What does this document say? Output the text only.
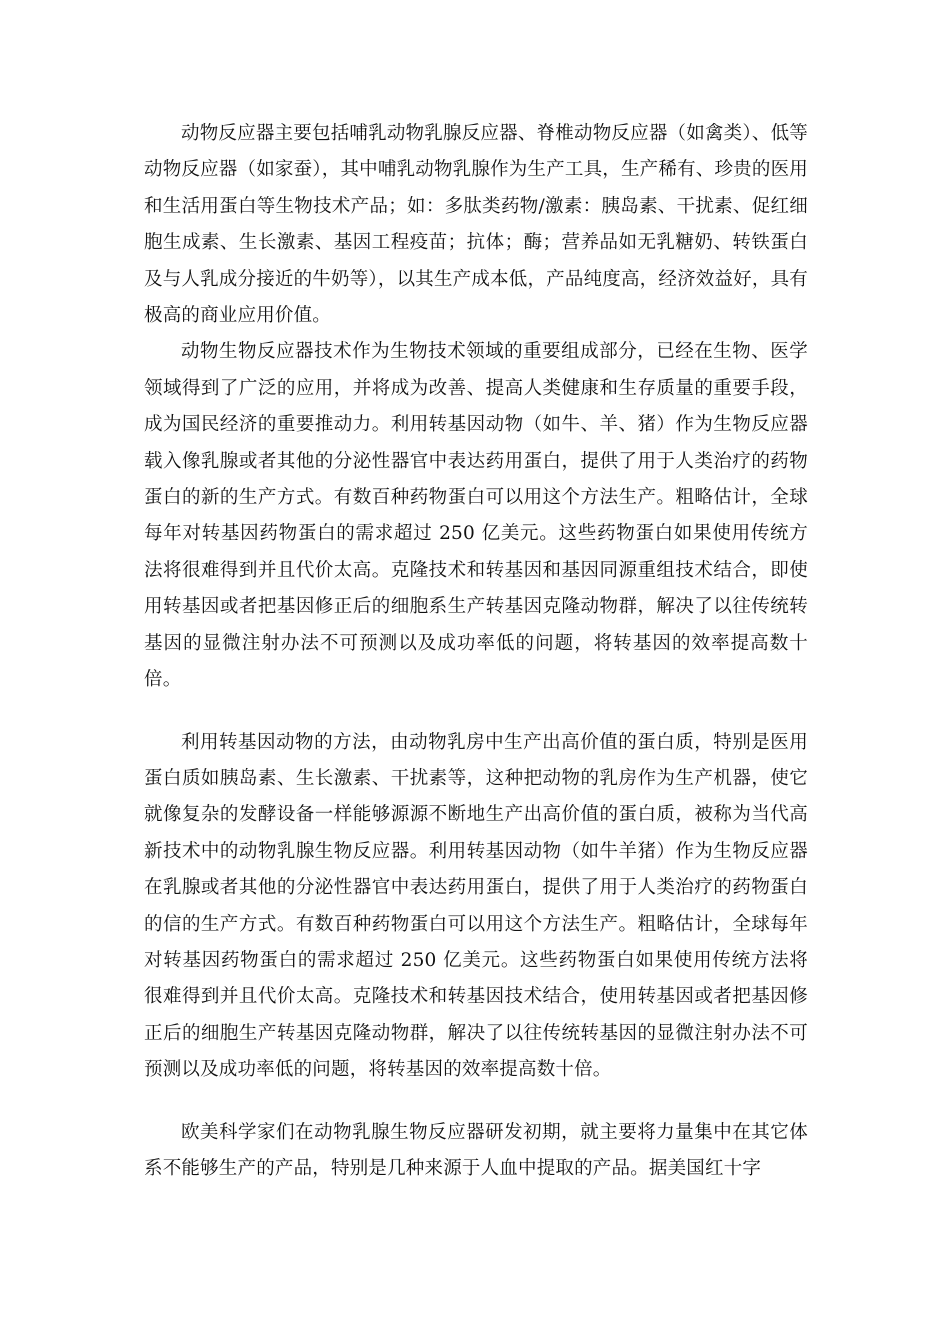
动物反应器主要包括哺乳动物乳腺反应器、脊椎动物反应器（如禽类）、低等动物反应器（如家蚕），其中哺乳动物乳腺作为生产工具，生产稀有、珍贵的医用和生活用蛋白等生物技术产品；如：多肽类药物/激素：胰岛素、干扰素、促红细胞生成素、生长激素、基因工程疫苗；抗体；酶；营养品如无乳糖奶、转铁蛋白及与人乳成分接近的牛奶等），以其生产成本低，产品纯度高，经济效益好，具有极高的商业应用价值。

动物生物反应器技术作为生物技术领域的重要组成部分，已经在生物、医学领域得到了广泛的应用，并将成为改善、提高人类健康和生存质量的重要手段，成为国民经济的重要推动力。利用转基因动物（如牛、羊、猪）作为生物反应器载入像乳腺或者其他的分泌性器官中表达药用蛋白，提供了用于人类治疗的药物蛋白的新的生产方式。有数百种药物蛋白可以用这个方法生产。粗略估计，全球每年对转基因药物蛋白的需求超过 250 亿美元。这些药物蛋白如果使用传统方法将很难得到并且代价太高。克隆技术和转基因和基因同源重组技术结合，即使用转基因或者把基因修正后的细胞系生产转基因克隆动物群，解决了以往传统转基因的显微注射办法不可预测以及成功率低的问题，将转基因的效率提高数十倍。

利用转基因动物的方法，由动物乳房中生产出高价值的蛋白质，特别是医用蛋白质如胰岛素、生长激素、干扰素等，这种把动物的乳房作为生产机器，使它就像复杂的发酵设备一样能够源源不断地生产出高价值的蛋白质，被称为当代高新技术中的动物乳腺生物反应器。利用转基因动物（如牛羊猪）作为生物反应器在乳腺或者其他的分泌性器官中表达药用蛋白，提供了用于人类治疗的药物蛋白的信的生产方式。有数百种药物蛋白可以用这个方法生产。粗略估计，全球每年对转基因药物蛋白的需求超过 250 亿美元。这些药物蛋白如果使用传统方法将很难得到并且代价太高。克隆技术和转基因技术结合，使用转基因或者把基因修正后的细胞生产转基因克隆动物群，解决了以往传统转基因的显微注射办法不可预测以及成功率低的问题，将转基因的效率提高数十倍。

欧美科学家们在动物乳腺生物反应器研发初期，就主要将力量集中在其它体系不能够生产的产品，特别是几种来源于人血中提取的产品。据美国红十字
